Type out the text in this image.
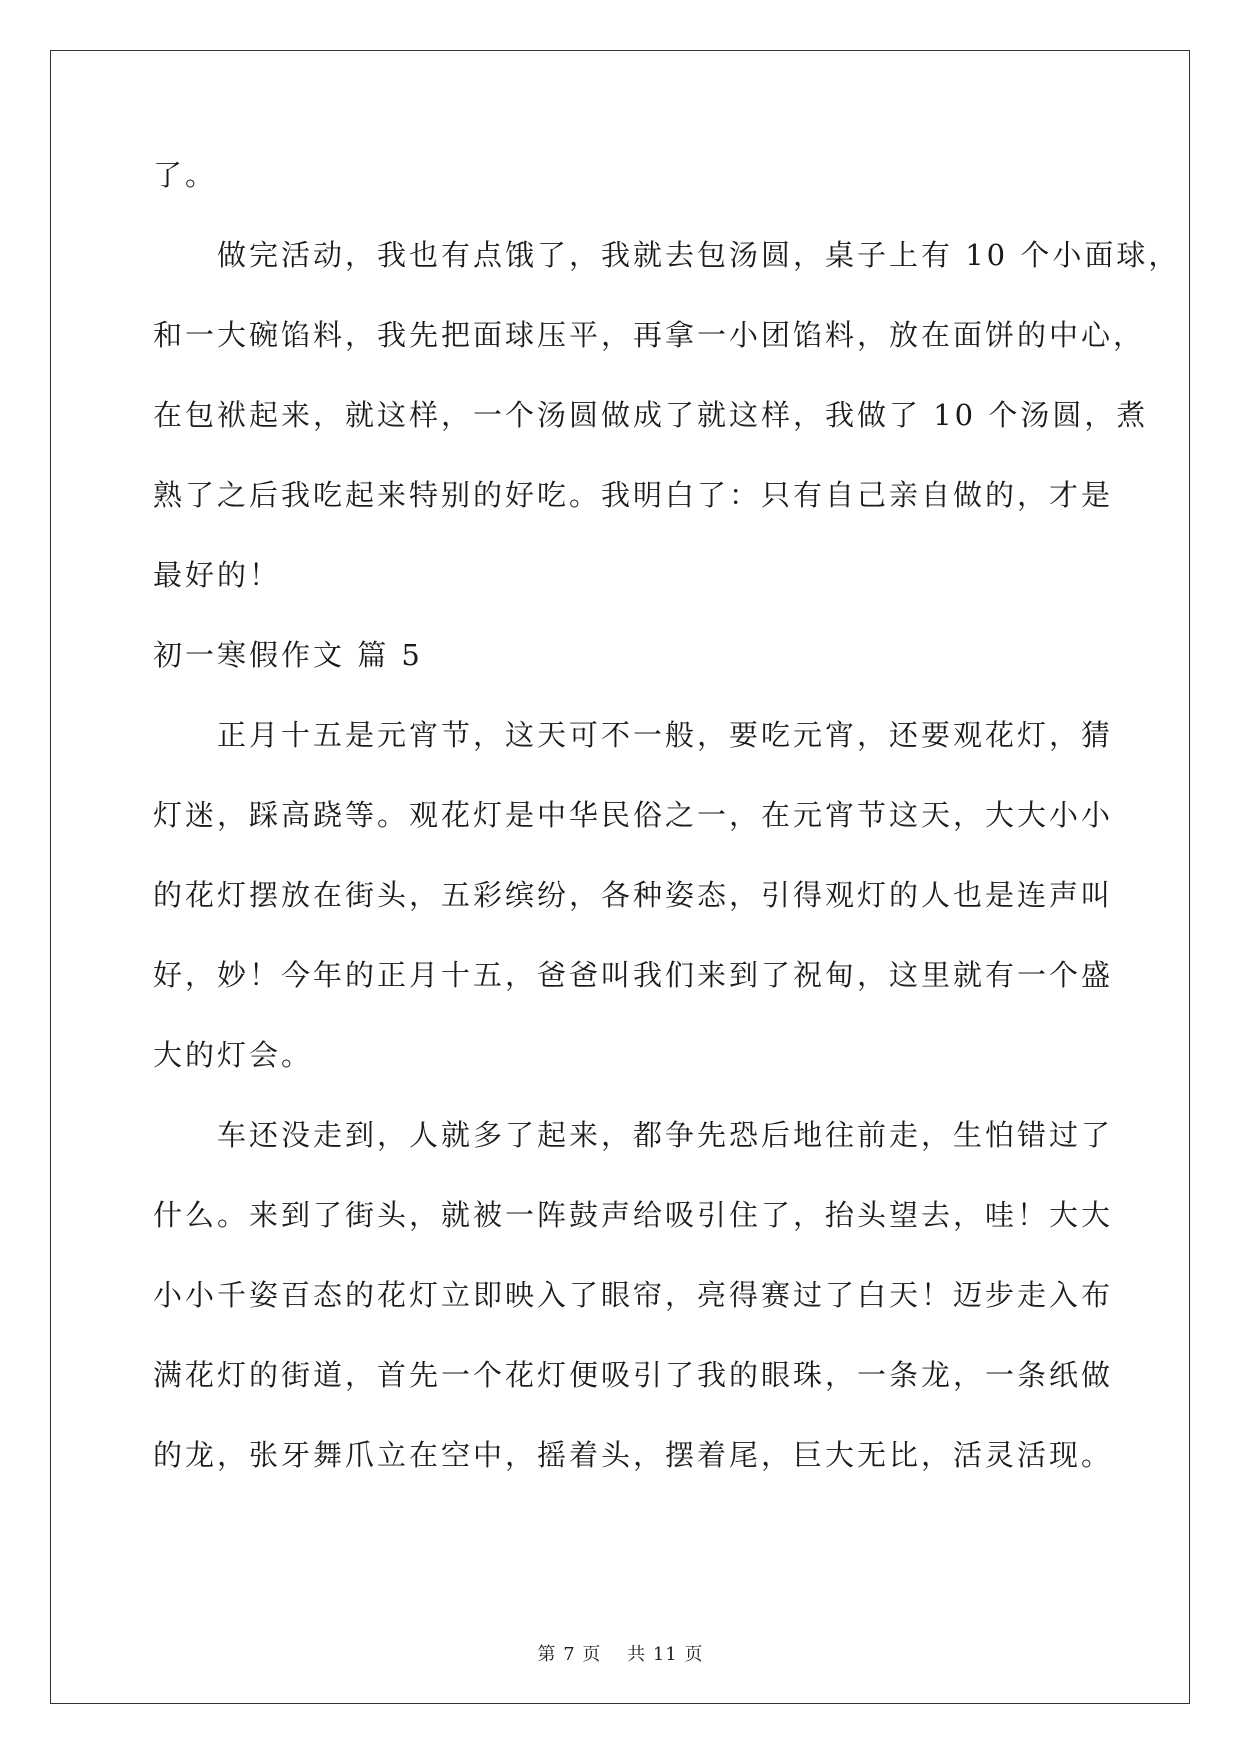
了。
　　做完活动，我也有点饿了，我就去包汤圆，桌子上有 10 个小面球，
和一大碗馅料，我先把面球压平，再拿一小团馅料，放在面饼的中心，
在包袱起来，就这样，一个汤圆做成了就这样，我做了 10 个汤圆，煮
熟了之后我吃起来特别的好吃。我明白了：只有自己亲自做的，才是
最好的！
初一寒假作文 篇 5
　　正月十五是元宵节，这天可不一般，要吃元宵，还要观花灯，猜
灯迷，踩高跷等。观花灯是中华民俗之一，在元宵节这天，大大小小
的花灯摆放在街头，五彩缤纷，各种姿态，引得观灯的人也是连声叫
好，妙！今年的正月十五，爸爸叫我们来到了祝甸，这里就有一个盛
大的灯会。
　　车还没走到，人就多了起来，都争先恐后地往前走，生怕错过了
什么。来到了街头，就被一阵鼓声给吸引住了，抬头望去，哇！大大
小小千姿百态的花灯立即映入了眼帘，亮得赛过了白天！迈步走入布
满花灯的街道，首先一个花灯便吸引了我的眼珠，一条龙，一条纸做
的龙，张牙舞爪立在空中，摇着头，摆着尾，巨大无比，活灵活现。
第 7 页　 共 11 页
